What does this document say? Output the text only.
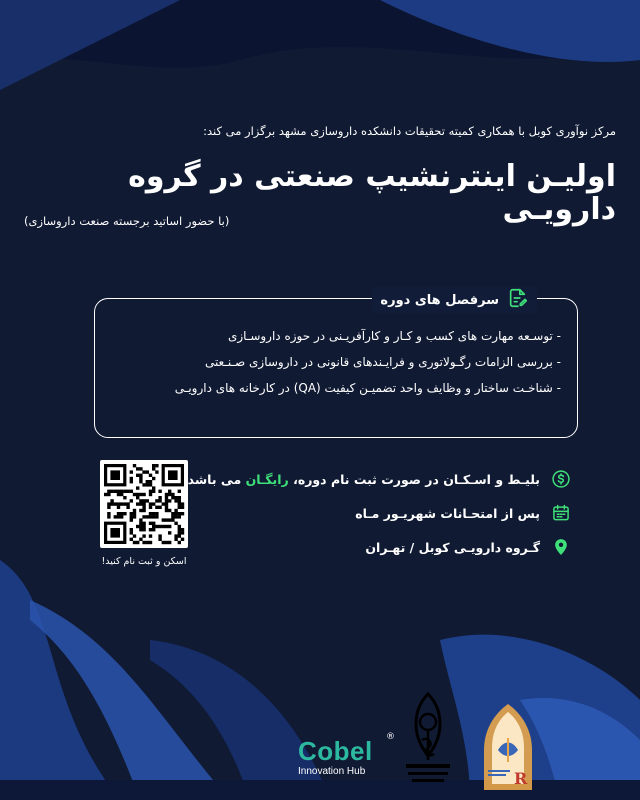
مرکز نوآوری کوبل با همکاری کمیته تحقیقات دانشکده داروسازی مشهد برگزار می کند:
اولیـن اینترنشیپ صنعتی در گروه دارویـی
(با حضور اساتید برجسته صنعت داروسازی)
سرفصل های دوره
- توسـعه مهارت های کسب و کـار و کارآفریـنی در حوزه داروسـازی
- بررسی الزامات رگـولاتوری و فرایـندهای قانونی در داروسازی صـنـعتی
- شناخـت ساختار و وظایف واحد تضمیـن کیفیت (QA) در کارخانه های دارویـی
اسکن و ثبت نام کنید!
بلیـط و اسـکـان در صورت ثبت نام دوره، رایگـان می باشد
پس از امتحـانات شهریـور مـاه
گـروه دارویـی کوبل / تهـران
Cobel ®
Innovation Hub	R
